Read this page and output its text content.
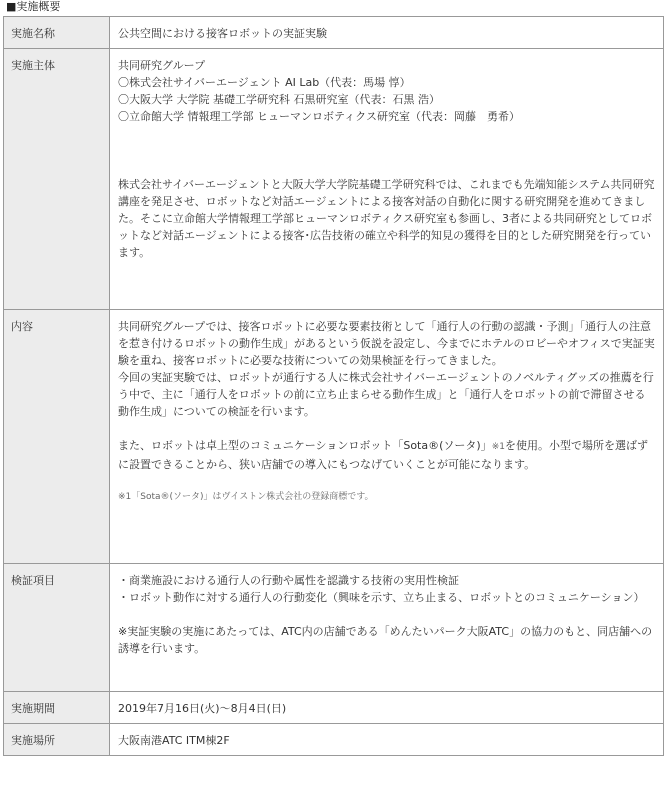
■実施概要
実施名称	公共空間における接客ロボットの実証実験
実施主体	共同研究グループ
〇株式会社サイバーエージェント AI Lab（代表：馬場 惇）
〇大阪大学 大学院 基礎工学研究科 石黒研究室（代表：石黒 浩）
〇立命館大学 情報理工学部 ヒューマンロボティクス研究室（代表：岡藤　勇希）
株式会社サイバーエージェントと大阪大学大学院基礎工学研究科では、これまでも先端知能システム共同研究講座を発足させ、ロボットなど対話エージェントによる接客対話の自動化に関する研究開発を進めてきました。そこに立命館大学情報理工学部ヒューマンロボティクス研究室も参画し、3者による共同研究としてロボットなど対話エージェントによる接客･広告技術の確立や科学的知見の獲得を目的とした研究開発を行っています。

内容	共同研究グループでは、接客ロボットに必要な要素技術として「通行人の行動の認識・予測」「通行人の注意を惹き付けるロボットの動作生成」があるという仮説を設定し、今までにホテルのロビーやオフィスで実証実験を重ね、接客ロボットに必要な技術についての効果検証を行ってきました。
今回の実証実験では、ロボットが通行する人に株式会社サイバーエージェントのノベルティグッズの推薦を行う中で、主に「通行人をロボットの前に立ち止まらせる動作生成」と「通行人をロボットの前で滞留させる動作生成」についての検証を行います。
また、ロボットは卓上型のコミュニケーションロボット「Sota®(ソータ)」※1を使用。小型で場所を選ばずに設置できることから、狭い店舗での導入にもつなげていくことが可能になります。
※1「Sota®(ソータ)」はヴイストン株式会社の登録商標です。

検証項目	・商業施設における通行人の行動や属性を認識する技術の実用性検証
・ロボット動作に対する通行人の行動変化（興味を示す、立ち止まる、ロボットとのコミュニケーション）
※実証実験の実施にあたっては、ATC内の店舗である「めんたいパーク大阪ATC」の協力のもと、同店舗への誘導を行います。

実施期間	2019年7月16日(火)～8月4日(日)
実施場所	大阪南港ATC ITM棟2F
